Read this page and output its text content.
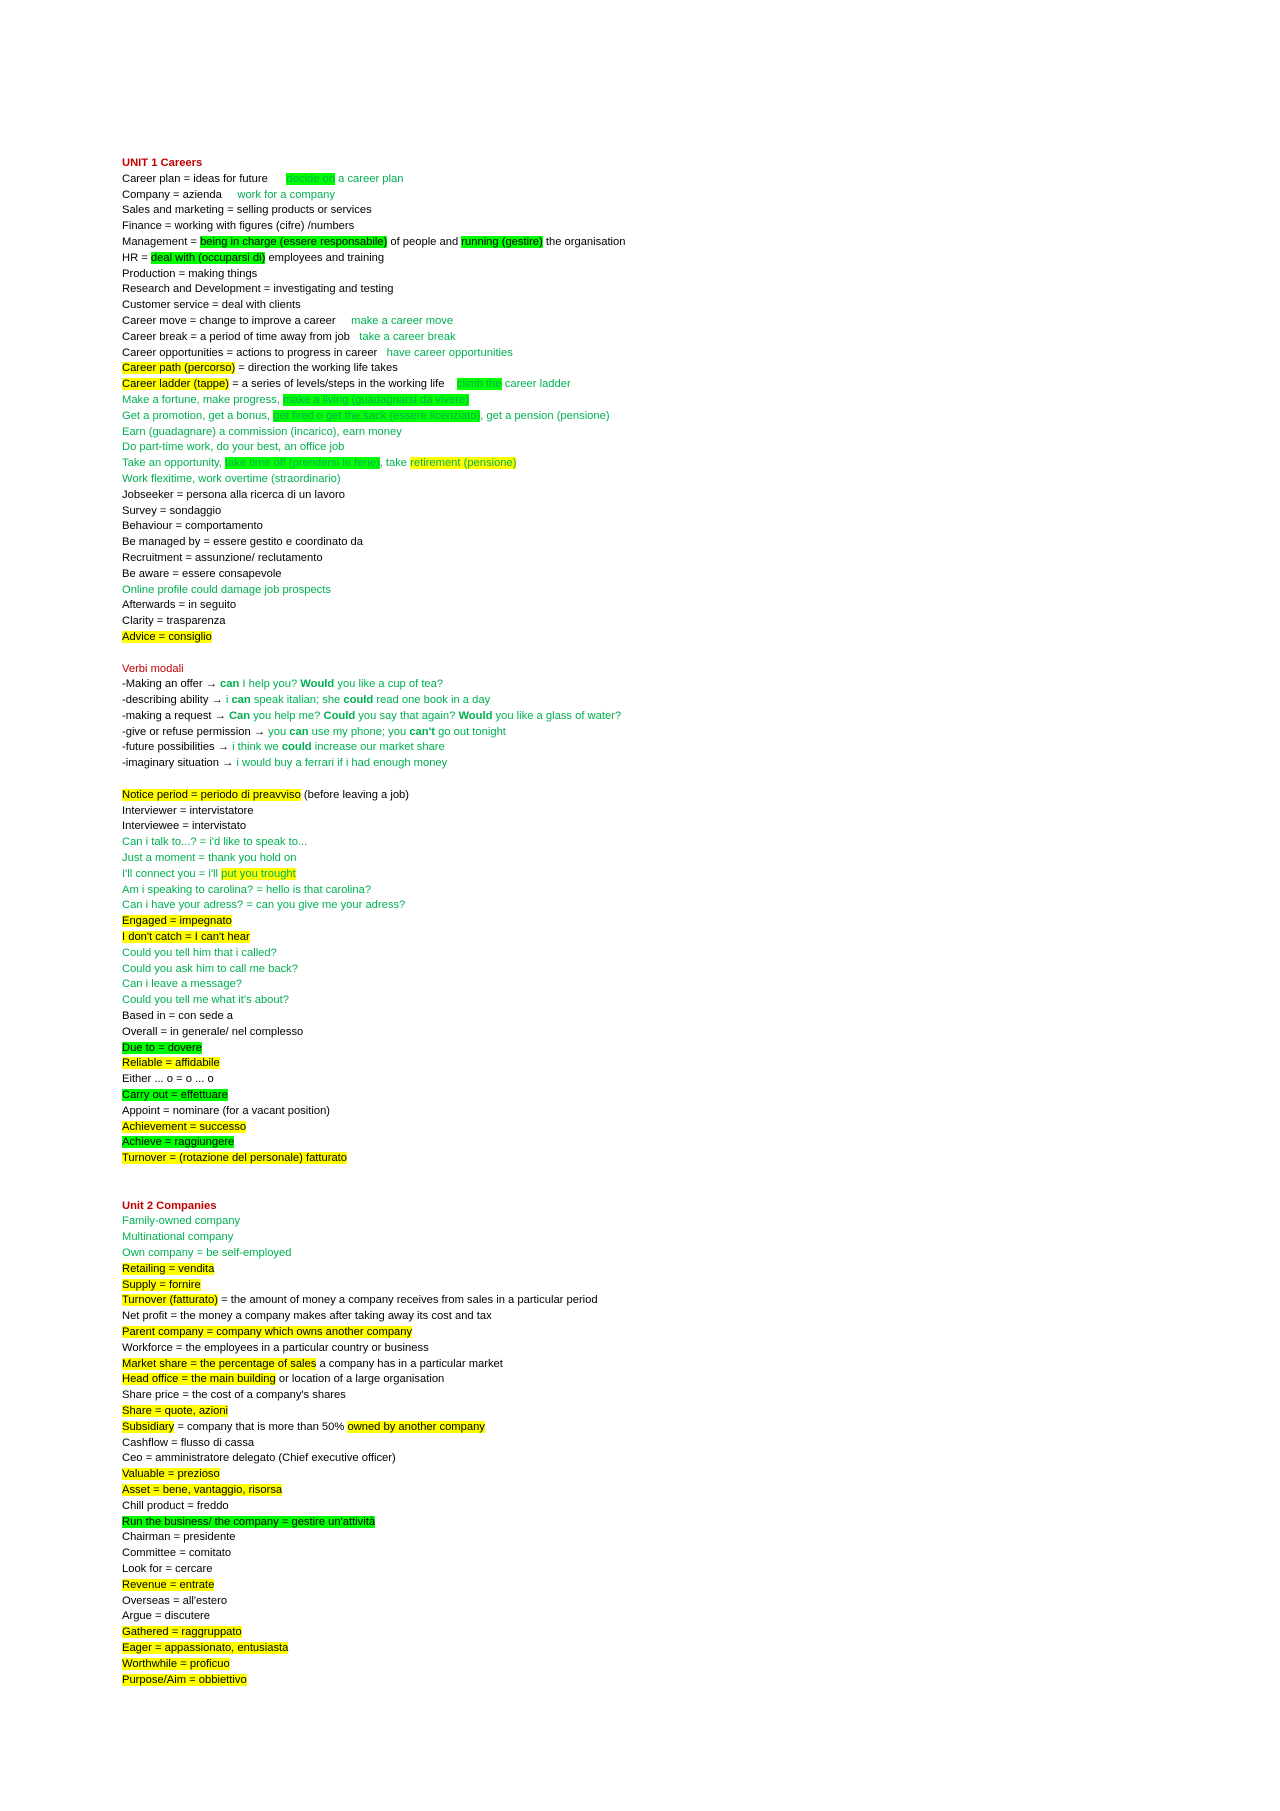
UNIT 1 Careers
Career plan = ideas for future      decide on a career plan
Company = azienda     work for a company
Sales and marketing = selling products or services
Finance = working with figures (cifre) /numbers
Management = being in charge (essere responsabile) of people and running (gestire) the organisation
HR = deal with (occuparsi di) employees and training
Production = making things
Research and Development = investigating and testing
Customer service = deal with clients
Career move = change to improve a career     make a career move
Career break = a period of time away from job   take a career break
Career opportunities = actions to progress in career   have career opportunities
Career path (percorso) = direction the working life takes
Career ladder (tappe) = a series of levels/steps in the working life    climb the career ladder
Make a fortune, make progress, make a living (guadagnarsi da vivere)
Get a promotion, get a bonus, get fired o get the sack (essere licenziato), get a pension (pensione)
Earn (guadagnare) a commission (incarico), earn money
Do part-time work, do your best, an office job
Take an opportunity, take time off (prendersi le ferie), take retirement (pensione)
Work flexitime, work overtime (straordinario)
Jobseeker = persona alla ricerca di un lavoro
Survey = sondaggio
Behaviour = comportamento
Be managed by = essere gestito e coordinato da
Recruitment = assunzione/ reclutamento
Be aware = essere consapevole
Online profile could damage job prospects
Afterwards = in seguito
Clarity = trasparenza
Advice = consiglio
Verbi modali
-Making an offer → can I help you? Would you like a cup of tea?
-describing ability → i can speak italian; she could read one book in a day
-making a request → Can you help me? Could you say that again? Would you like a glass of water?
-give or refuse permission → you can use my phone; you can't go out tonight
-future possibilities → i think we could increase our market share
-imaginary situation → i would buy a ferrari if i had enough money
Notice period = periodo di preavviso (before leaving a job)
Interviewer = intervistatore
Interviewee = intervistato
Can i talk to...? = i'd like to speak to...
Just a moment = thank you hold on
I'll connect you = i'll put you trought
Am i speaking to carolina? = hello is that carolina?
Can i have your adress? = can you give me your adress?
Engaged = impegnato
I don't catch = I can't hear
Could you tell him that i called?
Could you ask him to call me back?
Can i leave a message?
Could you tell me what it's about?
Based in = con sede a
Overall = in generale/ nel complesso
Due to = dovere
Reliable = affidabile
Either ... o = o ... o
Carry out = effettuare
Appoint = nominare (for a vacant position)
Achievement = successo
Achieve = raggiungere
Turnover = (rotazione del personale) fatturato
Unit 2 Companies
Family-owned company
Multinational company
Own company = be self-employed
Retailing = vendita
Supply = fornire
Turnover (fatturato) = the amount of money a company receives from sales in a particular period
Net profit = the money a company makes after taking away its cost and tax
Parent company = company which owns another company
Workforce = the employees in a particular country or business
Market share = the percentage of sales a company has in a particular market
Head office = the main building or location of a large organisation
Share price = the cost of a company's shares
Share = quote, azioni
Subsidiary = company that is more than 50% owned by another company
Cashflow = flusso di cassa
Ceo = amministratore delegato (Chief executive officer)
Valuable = prezioso
Asset = bene, vantaggio, risorsa
Chill product = freddo
Run the business/ the company = gestire un'attività
Chairman = presidente
Committee = comitato
Look for = cercare
Revenue = entrate
Overseas = all'estero
Argue = discutere
Gathered = raggruppato
Eager = appassionato, entusiasta
Worthwhile = proficuo
Purpose/Aim = obbiettivo
